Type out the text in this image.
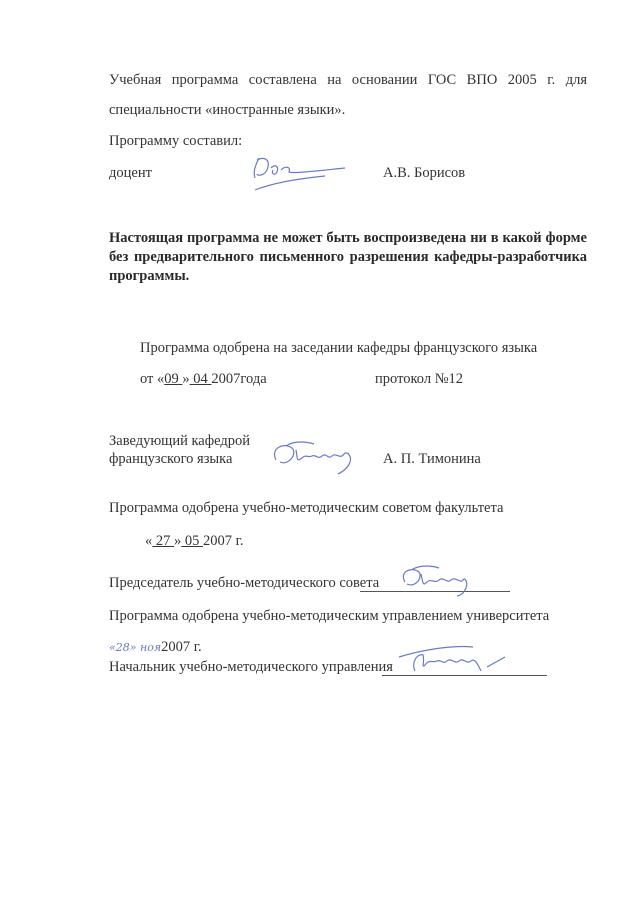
Учебная программа составлена на основании ГОС ВПО 2005 г. для
специальности «иностранные языки».
Программу составил:
доцент	А.В. Борисов
Настоящая программа не может быть воспроизведена ни в какой форме
без предварительного письменного разрешения кафедры-разработчика
программы.
Программа одобрена на заседании кафедры французского языка
от «09 » 04 2007года	протокол №12
Заведующий кафедрой
французского языка	А. П. Тимонина
Программа одобрена учебно-методическим советом факультета
« 27 » 05 2007 г.
Председатель учебно-методического совета
Программа одобрена учебно-методическим управлением университета
«28» ноя2007 г.
Начальник учебно-методического управления
